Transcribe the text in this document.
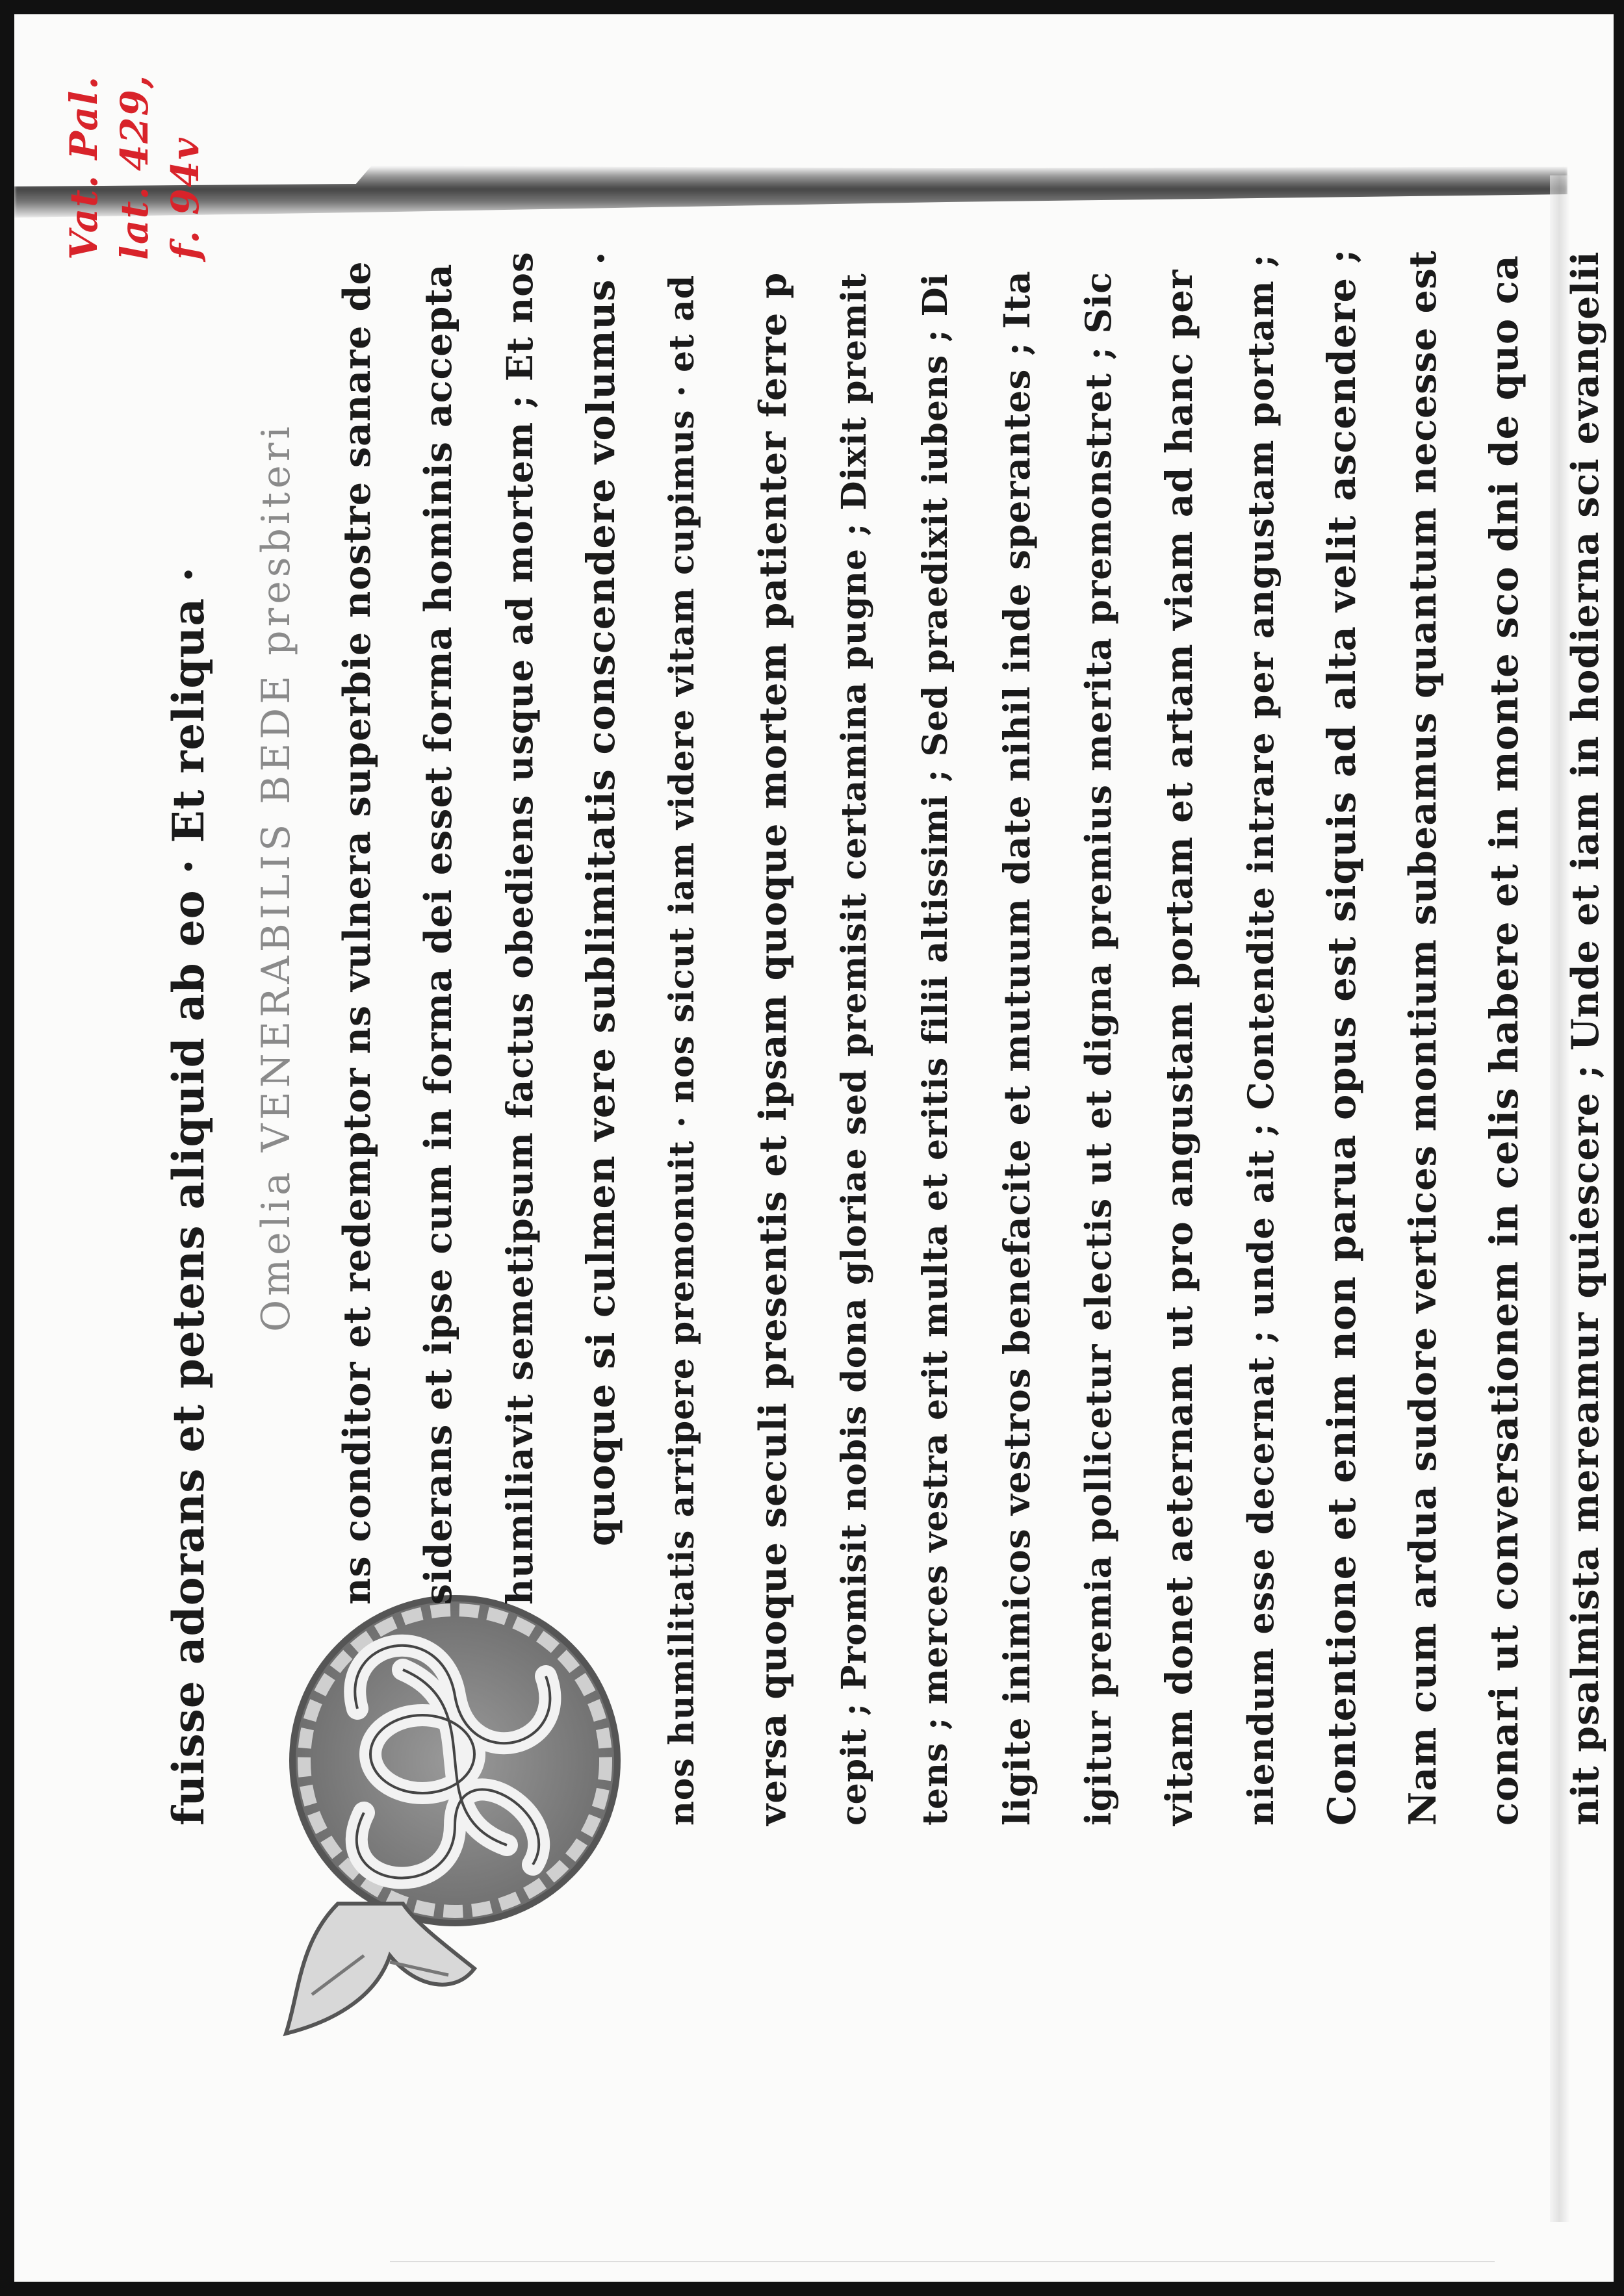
Vat. Pal. lat. 429, f. 94v
fuisse adorans et petens aliquid ab eo · Et reliqua ·	Omelia VENERABILIS BEDE presbiteri ns conditor et redemptor ns vulnera superbie nostre sanare de	siderans et ipse cum in forma dei esset forma hominis accepta	humiliavit semetipsum factus obediens usque ad mortem ; Et nos quoque si culmen vere sublimitatis conscendere volumus ·	nos humilitatis arripere premonuit · nos sicut iam videre vitam cupimus · et ad	versa quoque seculi presentis et ipsam quoque mortem patienter ferre p	cepit ; Promisit nobis dona gloriae sed premisit certamina pugne ; Dixit premit	tens ; merces vestra erit multa et eritis filii altissimi ; Sed praedixit iubens ; Di	ligite inimicos vestros benefacite et mutuum date nihil inde sperantes ; Ita	igitur premia pollicetur electis ut et digna premius merita premonstret ; Sic	vitam donet aeternam ut pro angustam portam et artam viam ad hanc per	niendum esse decernat ; unde ait ; Contendite intrare per angustam portam ; Contentione et enim non parua opus est siquis ad alta velit ascendere ;	Nam cum ardua sudore vertices montium subeamus quantum necesse est conari ut conversationem in celis habere et in monte sco dni de quo ca	nit psalmista mereamur quiescere ; Unde et iam in hodierna sci evangelii
